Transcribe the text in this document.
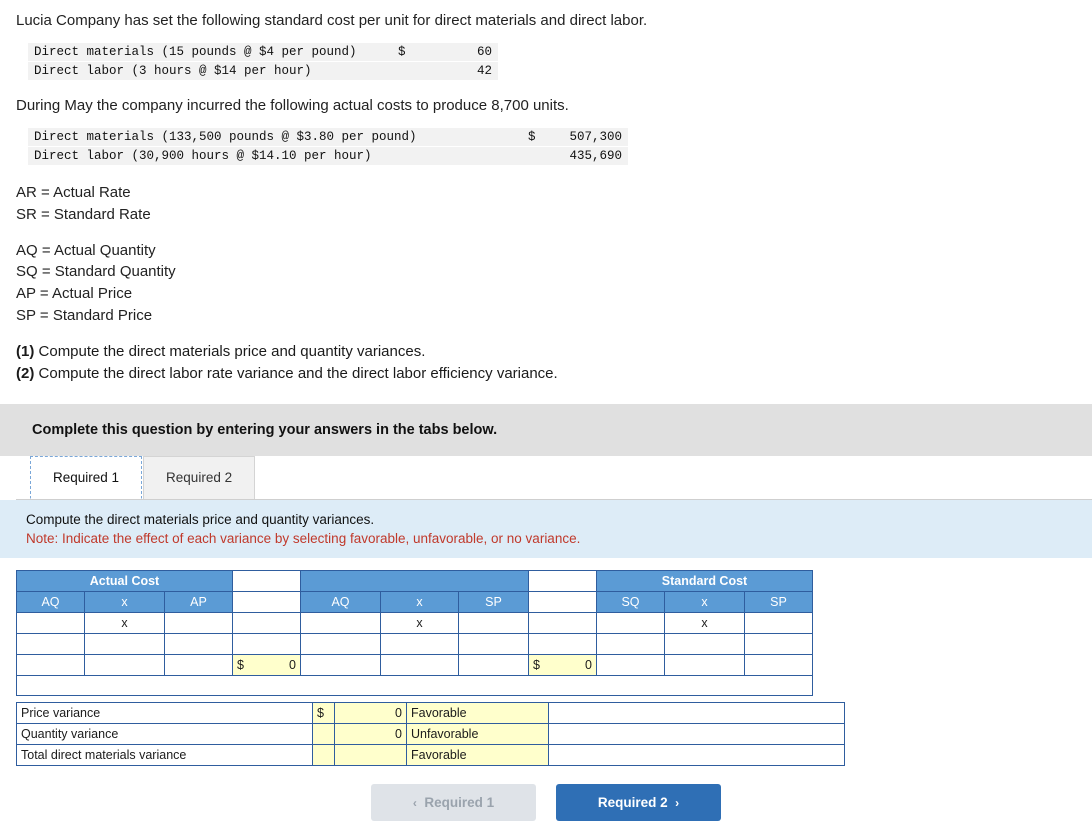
Lucia Company has set the following standard cost per unit for direct materials and direct labor.
Direct materials (15 pounds @ $4 per pound)	$	60
Direct labor (3 hours @ $14 per hour)	42
During May the company incurred the following actual costs to produce 8,700 units.
Direct materials (133,500 pounds @ $3.80 per pound)	$	507,300
Direct labor (30,900 hours @ $14.10 per hour)	435,690
AR = Actual Rate
SR = Standard Rate
AQ = Actual Quantity
SQ = Standard Quantity
AP = Actual Price
SP = Standard Price
(1) Compute the direct materials price and quantity variances.
(2) Compute the direct labor rate variance and the direct labor efficiency variance.
Complete this question by entering your answers in the tabs below.
Required 1	Required 2
Compute the direct materials price and quantity variances.
Note: Indicate the effect of each variance by selecting favorable, unfavorable, or no variance.
Actual Cost								Standard Cost		
AQ	x	AP		AQ	x	SP		SQ	x	SP
	x				x				x	

			$ 0				$ 0			

Price variance	$	0	Favorable	
Quantity variance		0	Unfavorable	
Total direct materials variance			Favorable	
‹ Required 1	Required 2 ›
